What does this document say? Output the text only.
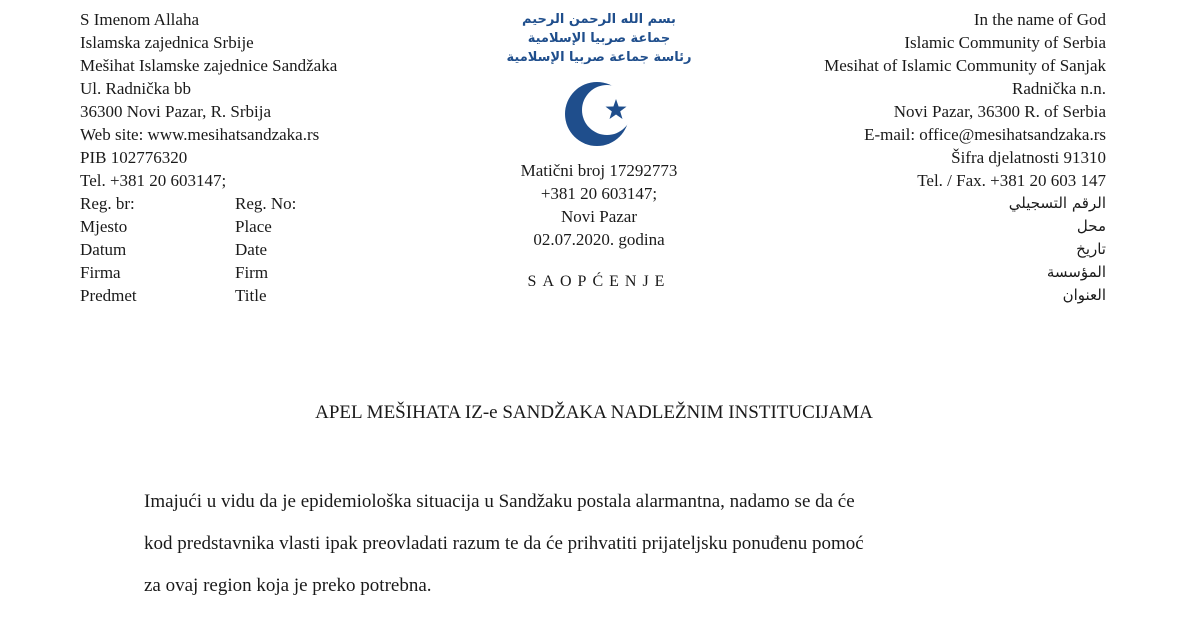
S Imenom Allaha
Islamska zajednica Srbije
Mešihat Islamske zajednice Sandžaka
Ul. Radnička bb
36300 Novi Pazar, R. Srbija
Web site: www.mesihatsandzaka.rs
PIB 102776320
Tel. +381 20 603147;
Reg. br:	Reg. No:
Mjesto	Place
Datum	Date
Firma	Firm
Predmet	Title
بسم الله الرحمن الرحيم
جماعة صربيا الإسلامية
رئاسة جماعة صربيا الإسلامية
Matični broj 17292773
+381 20 603147;
Novi Pazar
02.07.2020. godina
SAOPĆENJE
In the name of God
Islamic Community of Serbia
Mesihat of Islamic Community of Sanjak
Radnička n.n.
Novi Pazar, 36300 R. of Serbia
E-mail: office@mesihatsandzaka.rs
Šifra djelatnosti 91310
Tel. / Fax. +381 20 603 147
الرقم التسجيلي
محل
تاريخ
المؤسسة
العنوان
APEL MEŠIHATA IZ-e SANDŽAKA NADLEŽNIM INSTITUCIJAMA
Imajući u vidu da je epidemiološka situacija u Sandžaku postala alarmantna, nadamo se da će
kod predstavnika vlasti ipak preovladati razum te da će prihvatiti prijateljsku ponuđenu pomoć
za ovaj region koja je preko potrebna.
